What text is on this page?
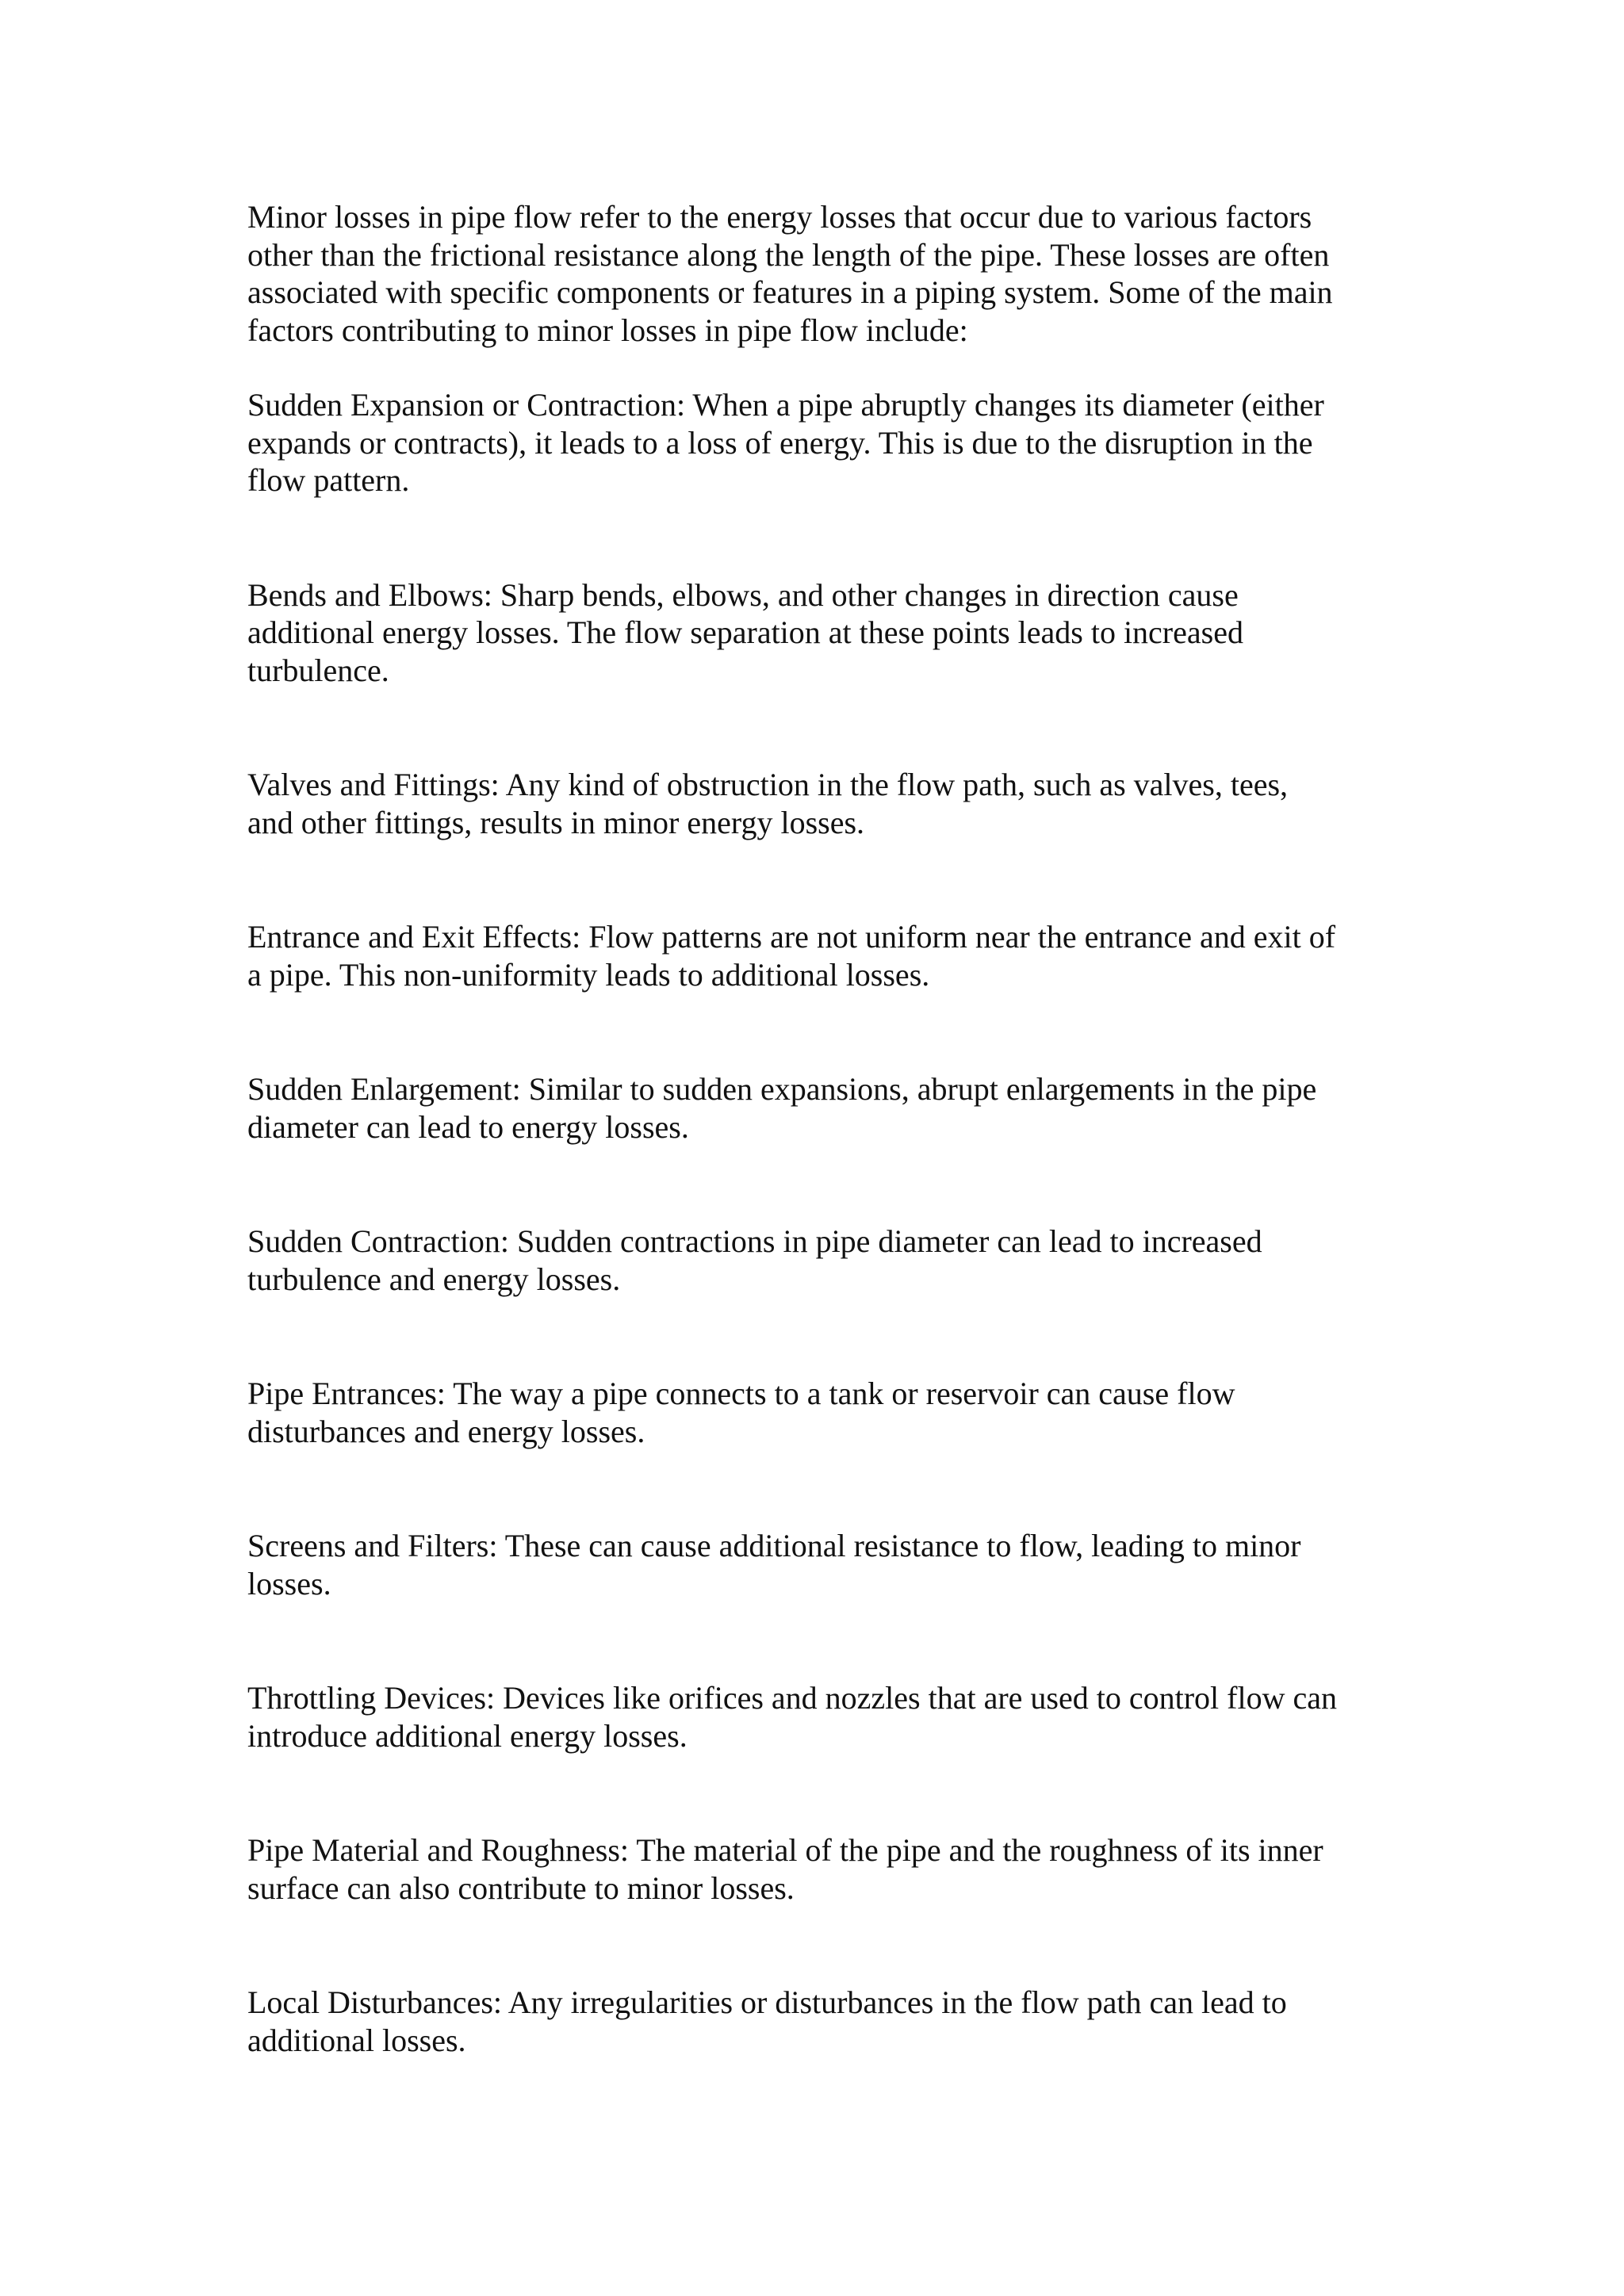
Minor losses in pipe flow refer to the energy losses that occur due to various factors
other than the frictional resistance along the length of the pipe. These losses are often
associated with specific components or features in a piping system. Some of the main
factors contributing to minor losses in pipe flow include:

Sudden Expansion or Contraction: When a pipe abruptly changes its diameter (either
expands or contracts), it leads to a loss of energy. This is due to the disruption in the
flow pattern.

Bends and Elbows: Sharp bends, elbows, and other changes in direction cause
additional energy losses. The flow separation at these points leads to increased
turbulence.

Valves and Fittings: Any kind of obstruction in the flow path, such as valves, tees,
and other fittings, results in minor energy losses.

Entrance and Exit Effects: Flow patterns are not uniform near the entrance and exit of
a pipe. This non-uniformity leads to additional losses.

Sudden Enlargement: Similar to sudden expansions, abrupt enlargements in the pipe
diameter can lead to energy losses.

Sudden Contraction: Sudden contractions in pipe diameter can lead to increased
turbulence and energy losses.

Pipe Entrances: The way a pipe connects to a tank or reservoir can cause flow
disturbances and energy losses.

Screens and Filters: These can cause additional resistance to flow, leading to minor
losses.

Throttling Devices: Devices like orifices and nozzles that are used to control flow can
introduce additional energy losses.

Pipe Material and Roughness: The material of the pipe and the roughness of its inner
surface can also contribute to minor losses.

Local Disturbances: Any irregularities or disturbances in the flow path can lead to
additional losses.
